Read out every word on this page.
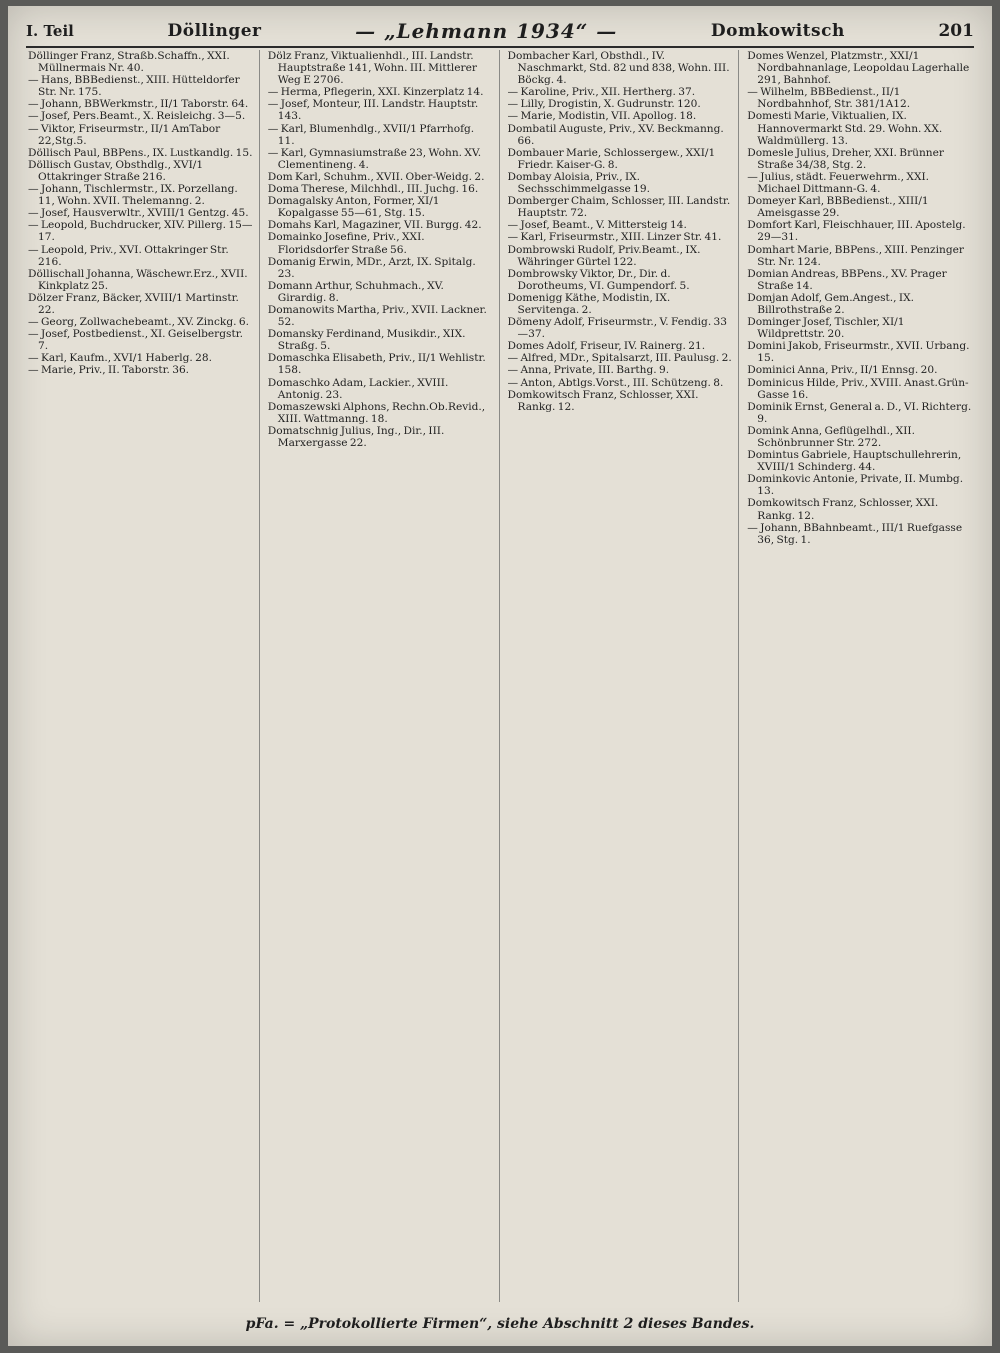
I. Teil	Döllinger	— „Lehmann 1934“ —	Domkowitsch	201
Döllinger Franz, Straßb.Schaffn., XXI. Müllnermais Nr. 40.
— Hans, BBBedienst., XIII. Hütteldorfer Str. Nr. 175.
— Johann, BBWerkmstr., II/1 Taborstr. 64.
— Josef, Pers.Beamt., X. Reisleichg. 3—5.
— Viktor, Friseurmstr., II/1 AmTabor 22,Stg.5.
Döllisch Paul, BBPens., IX. Lustkandlg. 15.
Döllisch Gustav, Obsthdlg., XVI/1 Ottakringer Straße 216.
— Johann, Tischlermstr., IX. Porzellang. 11, Wohn. XVII. Thelemanng. 2.
— Josef, Hausverwltr., XVIII/1 Gentzg. 45.
— Leopold, Buchdrucker, XIV. Pillerg. 15—17.
— Leopold, Priv., XVI. Ottakringer Str. 216.
Döllischall Johanna, Wäschewr.Erz., XVII. Kinkplatz 25.
Dölzer Franz, Bäcker, XVIII/1 Martinstr. 22.
— Georg, Zollwachebeamt., XV. Zinckg. 6.
— Josef, Postbedienst., XI. Geiselbergstr. 7.
— Karl, Kaufm., XVI/1 Haberlg. 28.
— Marie, Priv., II. Taborstr. 36.
Dölz Franz, Viktualienhdl., III. Landstr. Hauptstraße 141, Wohn. III. Mittlerer Weg E 2706.
— Herma, Pflegerin, XXI. Kinzerplatz 14.
— Josef, Monteur, III. Landstr. Hauptstr. 143.
— Karl, Blumenhdlg., XVII/1 Pfarrhofg. 11.
— Karl, Gymnasiumstraße 23, Wohn. XV. Clementineng. 4.
Dom Karl, Schuhm., XVII. Ober-Weidg. 2.
Doma Therese, Milchhdl., III. Juchg. 16.
Domagalsky Anton, Former, XI/1 Kopalgasse 55—61, Stg. 15.
Domahs Karl, Magaziner, VII. Burgg. 42.
Domainko Josefine, Priv., XXI. Floridsdorfer Straße 56.
Domanig Erwin, MDr., Arzt, IX. Spitalg. 23.
Domann Arthur, Schuhmach., XV. Girardig. 8.
Domanowits Martha, Priv., XVII. Lackner. 52.
Domansky Ferdinand, Musikdir., XIX. Straßg. 5.
Domaschka Elisabeth, Priv., II/1 Wehlistr. 158.
Domaschko Adam, Lackier., XVIII. Antonig. 23.
Domaszewski Alphons, Rechn.Ob.Revid., XIII. Wattmanng. 18.
Domatschnig Julius, Ing., Dir., III. Marxergasse 22.
Dombacher Karl, Obsthdl., IV. Naschmarkt, Std. 82 und 838, Wohn. III. Böckg. 4.
— Karoline, Priv., XII. Hertherg. 37.
— Lilly, Drogistin, X. Gudrunstr. 120.
— Marie, Modistin, VII. Apollog. 18.
Dombatil Auguste, Priv., XV. Beckmanng. 66.
Dombauer Marie, Schlossergew., XXI/1 Friedr. Kaiser-G. 8.
Dombay Aloisia, Priv., IX. Sechsschimmelgasse 19.
Domberger Chaim, Schlosser, III. Landstr. Hauptstr. 72.
— Josef, Beamt., V. Mittersteig 14.
— Karl, Friseurmstr., XIII. Linzer Str. 41.
Dombrowski Rudolf, Priv.Beamt., IX. Währinger Gürtel 122.
Dombrowsky Viktor, Dr., Dir. d. Dorotheums, VI. Gumpendorf. 5.
Domenigg Käthe, Modistin, IX. Servitenga. 2.
Dömeny Adolf, Friseurmstr., V. Fendig. 33—37.
Domes Adolf, Friseur, IV. Rainerg. 21.
— Alfred, MDr., Spitalsarzt, III. Paulusg. 2.
— Anna, Private, III. Barthg. 9.
— Anton, Abtlgs.Vorst., III. Schützeng. 8.
Domkowitsch Franz, Schlosser, XXI. Rankg. 12.
Domes Wenzel, Platzmstr., XXI/1 Nordbahnanlage, Leopoldau Lagerhalle 291, Bahnhof.
— Wilhelm, BBBedienst., II/1 Nordbahnhof, Str. 381/1A12.
Domesti Marie, Viktualien, IX. Hannovermarkt Std. 29. Wohn. XX. Waldmüllerg. 13.
Domesle Julius, Dreher, XXI. Brünner Straße 34/38, Stg. 2.
— Julius, städt. Feuerwehrm., XXI. Michael Dittmann-G. 4.
Domeyer Karl, BBBedienst., XIII/1 Ameisgasse 29.
Domfort Karl, Fleischhauer, III. Apostelg. 29—31.
Domhart Marie, BBPens., XIII. Penzinger Str. Nr. 124.
Domian Andreas, BBPens., XV. Prager Straße 14.
Domjan Adolf, Gem.Angest., IX. Billrothstraße 2.
Dominger Josef, Tischler, XI/1 Wildprettstr. 20.
Domini Jakob, Friseurmstr., XVII. Urbang. 15.
Dominici Anna, Priv., II/1 Ennsg. 20.
Dominicus Hilde, Priv., XVIII. Anast.Grün-Gasse 16.
Dominik Ernst, General a. D., VI. Richterg. 9.
Domink Anna, Geflügelhdl., XII. Schönbrunner Str. 272.
Domintus Gabriele, Hauptschullehrerin, XVIII/1 Schinderg. 44.
Dominkovic Antonie, Private, II. Mumbg. 13.
Domkowitsch Franz, Schlosser, XXI. Rankg. 12.
— Johann, BBahnbeamt., III/1 Ruefgasse 36, Stg. 1.
pFa. = „Protokollierte Firmen“, siehe Abschnitt 2 dieses Bandes.
